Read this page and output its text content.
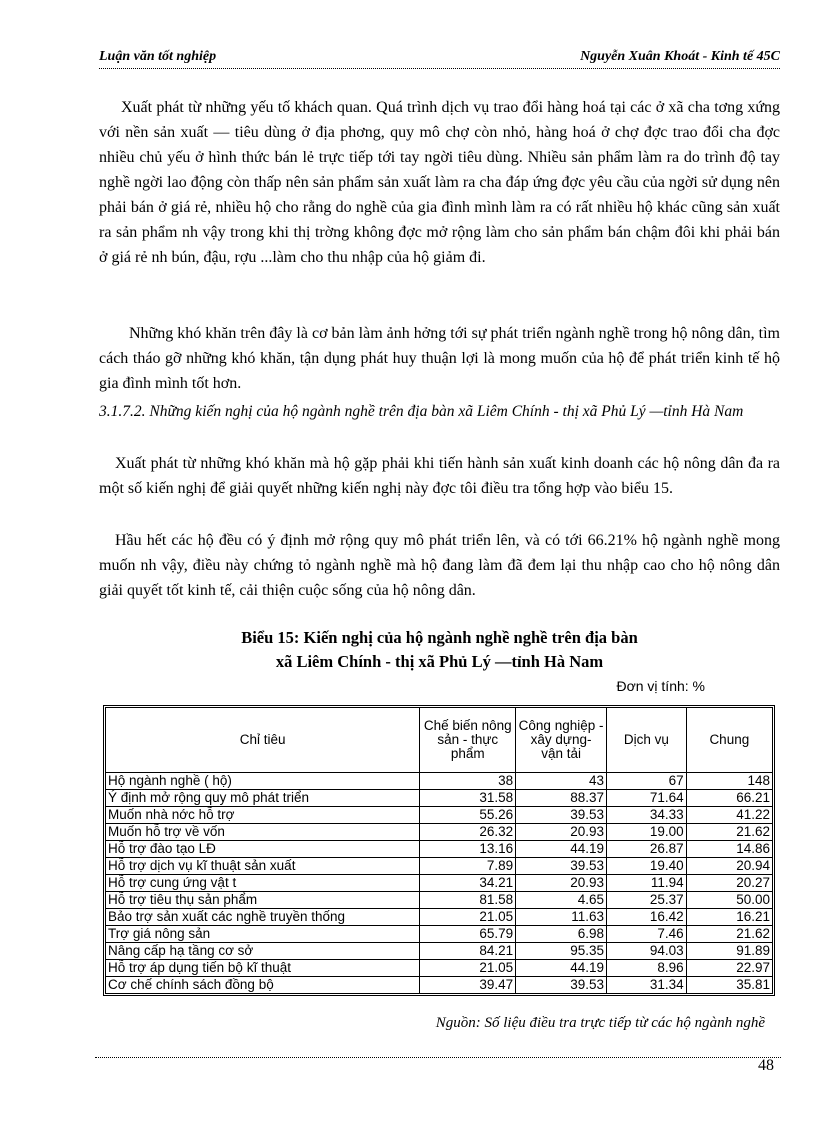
Luận văn tốt nghiệp	Nguyễn Xuân Khoát - Kinh tế 45C
Xuất phát từ những yếu tố khách quan. Quá trình dịch vụ trao đổi hàng hoá tại các ở xã cha tơng xứng với nền sản xuất — tiêu dùng ở địa phơng, quy mô chợ còn nhỏ, hàng hoá ở chợ đợc trao đổi cha đợc nhiều chủ yếu ở hình thức bán lẻ trực tiếp tới tay ngời tiêu dùng. Nhiều sản phẩm làm ra do trình độ tay nghề ngời lao động còn thấp nên sản phẩm sản xuất làm ra cha đáp ứng đợc yêu cầu của ngời sử dụng nên phải bán ở giá rẻ, nhiều hộ cho rằng do nghề của gia đình mình làm ra có rất nhiều hộ khác cũng sản xuất ra sản phẩm nh vậy trong khi thị trờng không đợc mở rộng làm cho sản phẩm bán chậm đôi khi phải bán ở giá rẻ nh bún, đậu, rợu ...làm cho thu nhập của hộ giảm đi.
Những khó khăn trên đây là cơ bản làm ảnh hởng tới sự phát triển ngành nghề trong hộ nông dân, tìm cách tháo gỡ những khó khăn, tận dụng phát huy thuận lợi là mong muốn của hộ để phát triển kinh tế hộ gia đình mình tốt hơn.
3.1.7.2. Những kiến nghị của hộ ngành nghề trên địa bàn xã Liêm Chính - thị xã Phủ Lý —tỉnh Hà Nam
Xuất phát từ những khó khăn mà hộ gặp phải khi tiến hành sản xuất kinh doanh các hộ nông dân đa ra một số kiến nghị để giải quyết những kiến nghị này đợc tôi điều tra tổng hợp vào biểu 15.
Hầu hết các hộ đều có ý định mở rộng quy mô phát triển lên, và có tới 66.21% hộ ngành nghề mong muốn nh vậy, điều này chứng tỏ ngành nghề mà hộ đang làm đã đem lại thu nhập cao cho hộ nông dân giải quyết tốt kinh tế, cải thiện cuộc sống của hộ nông dân.
Biểu 15: Kiến nghị của hộ ngành nghề nghề trên địa bàn
xã Liêm Chính - thị xã Phủ Lý —tỉnh Hà Nam
Đơn vị tính: %
Chỉ tiêu	Chế biến nông sản - thực phẩm	Công nghiệp - xây dựng- vận tải	Dịch vụ	Chung
Hộ ngành nghề ( hộ)	38	43	67	148
Ý định mở rộng quy mô phát triển	31.58	88.37	71.64	66.21
Muốn nhà nớc hỗ trợ	55.26	39.53	34.33	41.22
Muốn hỗ trợ về vốn	26.32	20.93	19.00	21.62
Hỗ trợ đào tạo LĐ	13.16	44.19	26.87	14.86
Hỗ trợ dịch vụ kĩ thuật sản xuất	7.89	39.53	19.40	20.94
Hỗ trợ cung ứng vật t	34.21	20.93	11.94	20.27
Hỗ trợ tiêu thụ sản phẩm	81.58	4.65	25.37	50.00
Bảo trợ sản xuất các nghề truyền thống	21.05	11.63	16.42	16.21
Trợ giá nông sản	65.79	6.98	7.46	21.62
Nâng cấp hạ tầng cơ sở	84.21	95.35	94.03	91.89
Hỗ trợ áp dụng tiến bộ kĩ thuật	21.05	44.19	8.96	22.97
Cơ chế chính sách đồng bộ	39.47	39.53	31.34	35.81
Nguồn: Số liệu điều tra trực tiếp từ các hộ ngành nghề
48
